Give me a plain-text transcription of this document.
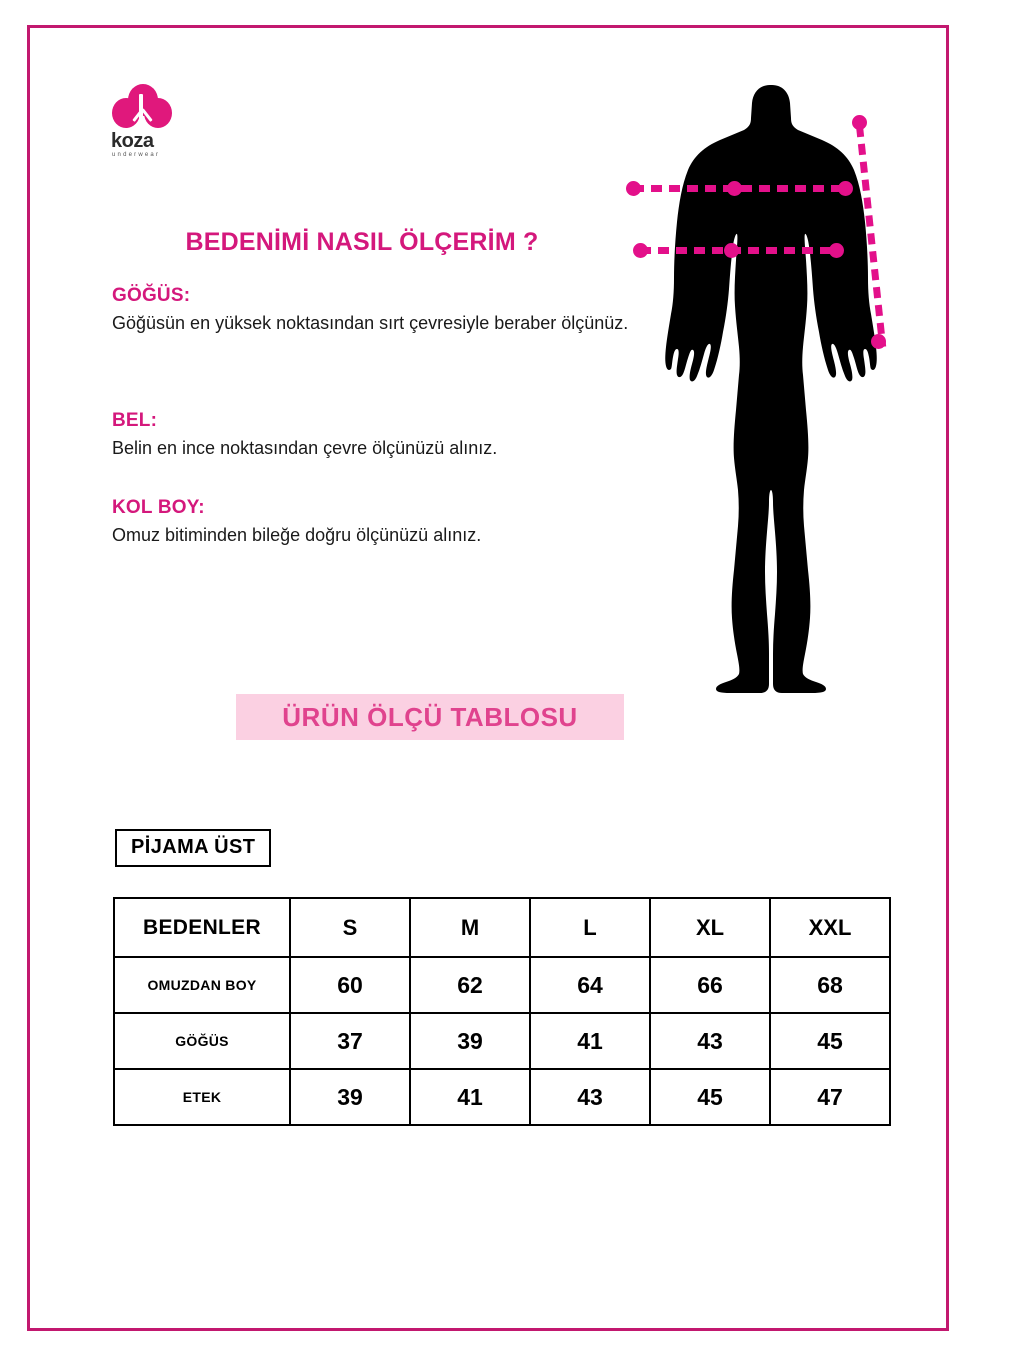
koza
underwear
BEDENİMİ NASIL ÖLÇERİM ?
GÖĞÜS:
Göğüsün en yüksek noktasından sırt çevresiyle beraber ölçünüz.
BEL:
Belin en ince noktasından çevre ölçünüzü alınız.
KOL BOY:
Omuz bitiminden bileğe doğru ölçünüzü alınız.
ÜRÜN ÖLÇÜ TABLOSU
PİJAMA ÜST
BEDENLER	S	M	L	XL	XXL
OMUZDAN BOY	60	62	64	66	68
GÖĞÜS	37	39	41	43	45
ETEK	39	41	43	45	47
